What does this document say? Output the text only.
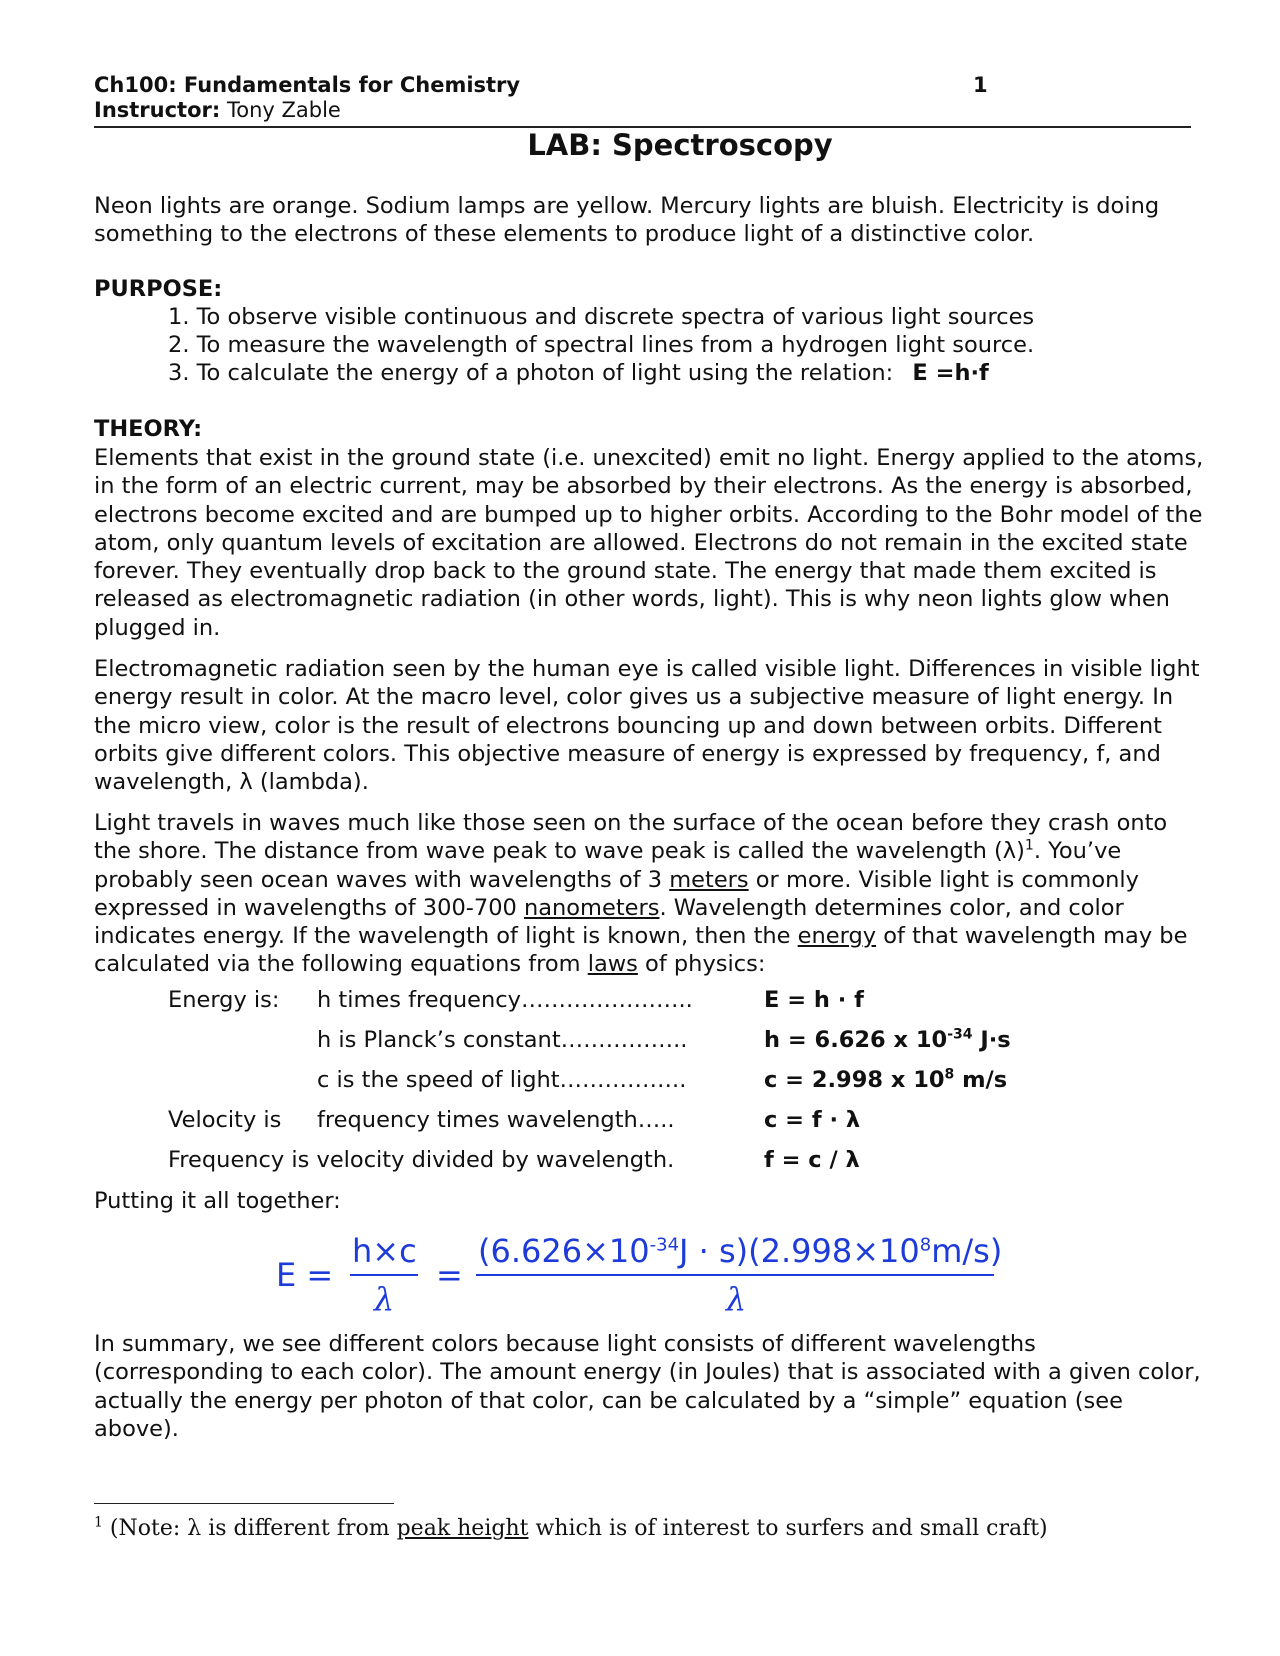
Ch100: Fundamentals for Chemistry	1
Instructor: Tony Zable
LAB: Spectroscopy
Neon lights are orange. Sodium lamps are yellow. Mercury lights are bluish. Electricity is doing something to the electrons of these elements to produce light of a distinctive color.
PURPOSE:
1. To observe visible continuous and discrete spectra of various light sources
2. To measure the wavelength of spectral lines from a hydrogen light source.
3. To calculate the energy of a photon of light using the relation: E =h·f
THEORY:
Elements that exist in the ground state (i.e. unexcited) emit no light. Energy applied to the atoms, in the form of an electric current, may be absorbed by their electrons. As the energy is absorbed, electrons become excited and are bumped up to higher orbits. According to the Bohr model of the atom, only quantum levels of excitation are allowed. Electrons do not remain in the excited state forever. They eventually drop back to the ground state. The energy that made them excited is released as electromagnetic radiation (in other words, light). This is why neon lights glow when plugged in.
Electromagnetic radiation seen by the human eye is called visible light. Differences in visible light energy result in color. At the macro level, color gives us a subjective measure of light energy. In the micro view, color is the result of electrons bouncing up and down between orbits. Different orbits give different colors. This objective measure of energy is expressed by frequency, f, and wavelength, λ (lambda).
Light travels in waves much like those seen on the surface of the ocean before they crash onto the shore. The distance from wave peak to wave peak is called the wavelength $(\lambda)^1$. You’ve probably seen ocean waves with wavelengths of 3 meters or more. Visible light is commonly expressed in wavelengths of 300-700 nanometers. Wavelength determines color, and color indicates energy. If the wavelength of light is known, then the energy of that wavelength may be calculated via the following equations from laws of physics:
Energy is: h times frequency…………………..	E = h · f
h is Planck’s constant……………..	h = 6.626 x $10^{-34}$ J·s
c is the speed of light……………..	c = 2.998 x $10^8$ m/s
Velocity is frequency times wavelength…..	c = f · λ
Frequency is velocity divided by wavelength.	f = c / λ
Putting it all together:
E =
h×c
λ
=
$(6.626\times 10^{-34}J \cdot s)(2.998\times 10^8m/s)$
λ
In summary, we see different colors because light consists of different wavelengths (corresponding to each color). The amount energy (in Joules) that is associated with a given color, actually the energy per photon of that color, can be calculated by a “simple” equation (see above).
$^1$ (Note: λ is different from peak height which is of interest to surfers and small craft)
